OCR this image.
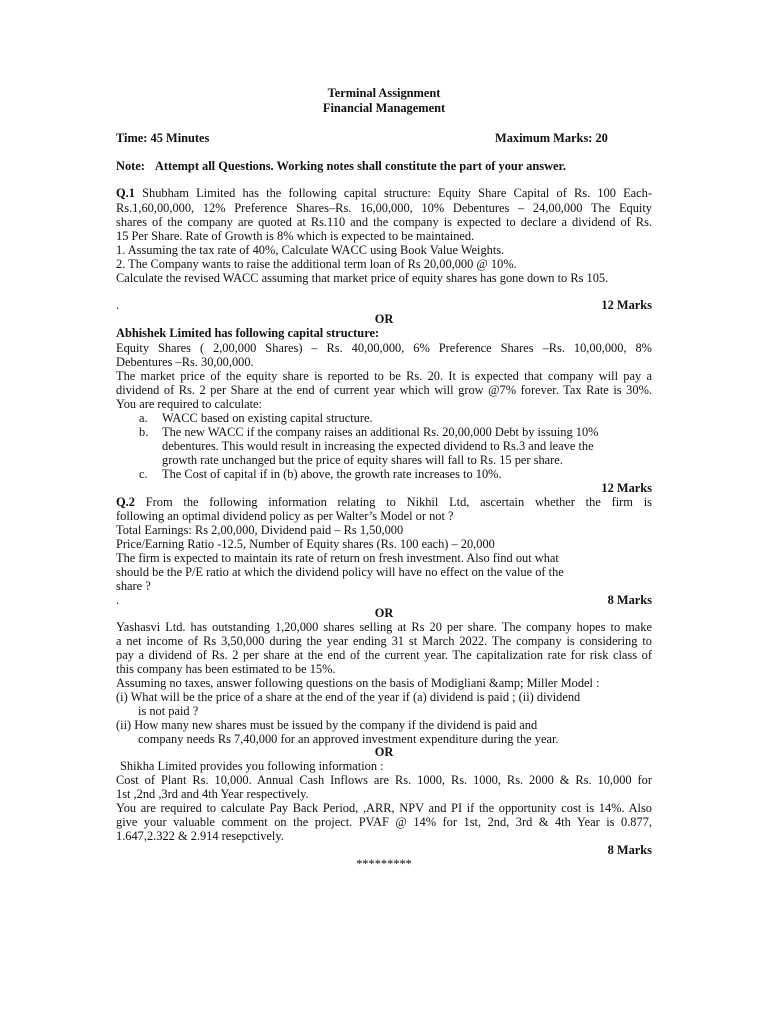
Terminal Assignment
Financial Management
Time: 45 Minutes	Maximum Marks: 20
Note: Attempt all Questions. Working notes shall constitute the part of your answer.
Q.1 Shubham Limited has the following capital structure: Equity Share Capital of Rs. 100 Each-
Rs.1,60,00,000, 12% Preference Shares–Rs. 16,00,000, 10% Debentures – 24,00,000 The Equity
shares of the company are quoted at Rs.110 and the company is expected to declare a dividend of Rs.
15 Per Share. Rate of Growth is 8% which is expected to be maintained.
1. Assuming the tax rate of 40%, Calculate WACC using Book Value Weights.
2. The Company wants to raise the additional term loan of Rs 20,00,000 @ 10%.
Calculate the revised WACC assuming that market price of equity shares has gone down to Rs 105.
.	12 Marks
OR
Abhishek Limited has following capital structure:
Equity Shares ( 2,00,000 Shares) – Rs. 40,00,000, 6% Preference Shares –Rs. 10,00,000, 8%
Debentures –Rs. 30,00,000.
The market price of the equity share is reported to be Rs. 20. It is expected that company will pay a
dividend of Rs. 2 per Share at the end of current year which will grow @7% forever. Tax Rate is 30%.
You are required to calculate:
a.	WACC based on existing capital structure.
b.	The new WACC if the company raises an additional Rs. 20,00,000 Debt by issuing 10%
debentures. This would result in increasing the expected dividend to Rs.3 and leave the
growth rate unchanged but the price of equity shares will fall to Rs. 15 per share.
c.	The Cost of capital if in (b) above, the growth rate increases to 10%.
12 Marks
Q.2 From the following information relating to Nikhil Ltd, ascertain whether the firm is
following an optimal dividend policy as per Walter’s Model or not ?
Total Earnings: Rs 2,00,000, Dividend paid – Rs 1,50,000
Price/Earning Ratio -12.5, Number of Equity shares (Rs. 100 each) – 20,000
The firm is expected to maintain its rate of return on fresh investment. Also find out what
should be the P/E ratio at which the dividend policy will have no effect on the value of the
share ?
.	8 Marks
OR
Yashasvi Ltd. has outstanding 1,20,000 shares selling at Rs 20 per share. The company hopes to make
a net income of Rs 3,50,000 during the year ending 31 st March 2022. The company is considering to
pay a dividend of Rs. 2 per share at the end of the current year. The capitalization rate for risk class of
this company has been estimated to be 15%.
Assuming no taxes, answer following questions on the basis of Modigliani &amp; Miller Model :
(i) What will be the price of a share at the end of the year if (a) dividend is paid ; (ii) dividend
is not paid ?
(ii) How many new shares must be issued by the company if the dividend is paid and
company needs Rs 7,40,000 for an approved investment expenditure during the year.
OR
Shikha Limited provides you following information :
Cost of Plant Rs. 10,000. Annual Cash Inflows are Rs. 1000, Rs. 1000, Rs. 2000 & Rs. 10,000 for
1st ,2nd ,3rd and 4th Year respectively.
You are required to calculate Pay Back Period, ,ARR, NPV and PI if the opportunity cost is 14%. Also
give your valuable comment on the project. PVAF @ 14% for 1st, 2nd, 3rd & 4th Year is 0.877,
1.647,2.322 & 2.914 resepctively.
8 Marks
*********
